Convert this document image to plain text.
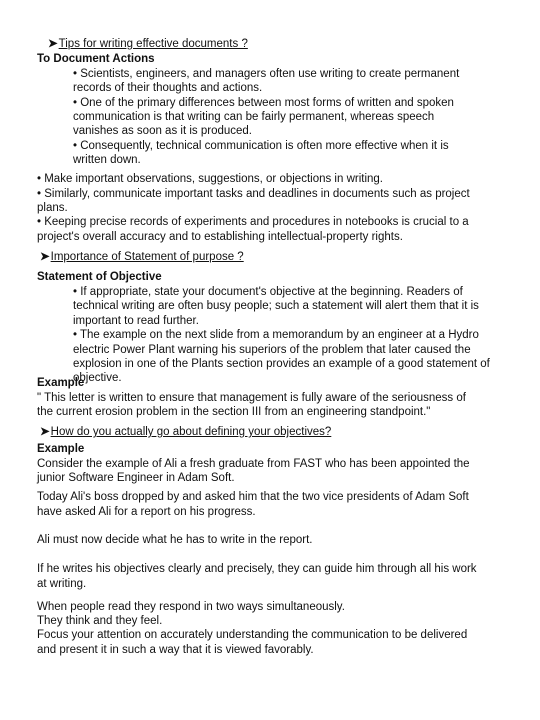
➤Tips for writing effective documents ?
To Document Actions
• Scientists, engineers, and managers often use writing to create permanent
records of their thoughts and actions.
• One of the primary differences between most forms of written and spoken
communication is that writing can be fairly permanent, whereas speech
vanishes as soon as it is produced.
• Consequently, technical communication is often more effective when it is
written down.
• Make important observations, suggestions, or objections in writing.
• Similarly, communicate important tasks and deadlines in documents such as project
plans.
• Keeping precise records of experiments and procedures in notebooks is crucial to a
project's overall accuracy and to establishing intellectual-property rights.
➤Importance of Statement of purpose ?
Statement of Objective
• If appropriate, state your document's objective at the beginning. Readers of
technical writing are often busy people; such a statement will alert them that it is
important to read further.
• The example on the next slide from a memorandum by an engineer at a Hydro
electric Power Plant warning his superiors of the problem that later caused the
explosion in one of the Plants section provides an example of a good statement of
objective.
Example
" This letter is written to ensure that management is fully aware of the seriousness of
the current erosion problem in the section III from an engineering standpoint."
➤How do you actually go about defining your objectives?
Example
Consider the example of Ali a fresh graduate from FAST who has been appointed the
junior Software Engineer in Adam Soft.
Today Ali's boss dropped by and asked him that the two vice presidents of Adam Soft
have asked Ali for a report on his progress.
Ali must now decide what he has to write in the report.
If he writes his objectives clearly and precisely, they can guide him through all his work
at writing.
When people read they respond in two ways simultaneously.
They think and they feel.
Focus your attention on accurately understanding the communication to be delivered
and present it in such a way that it is viewed favorably.
